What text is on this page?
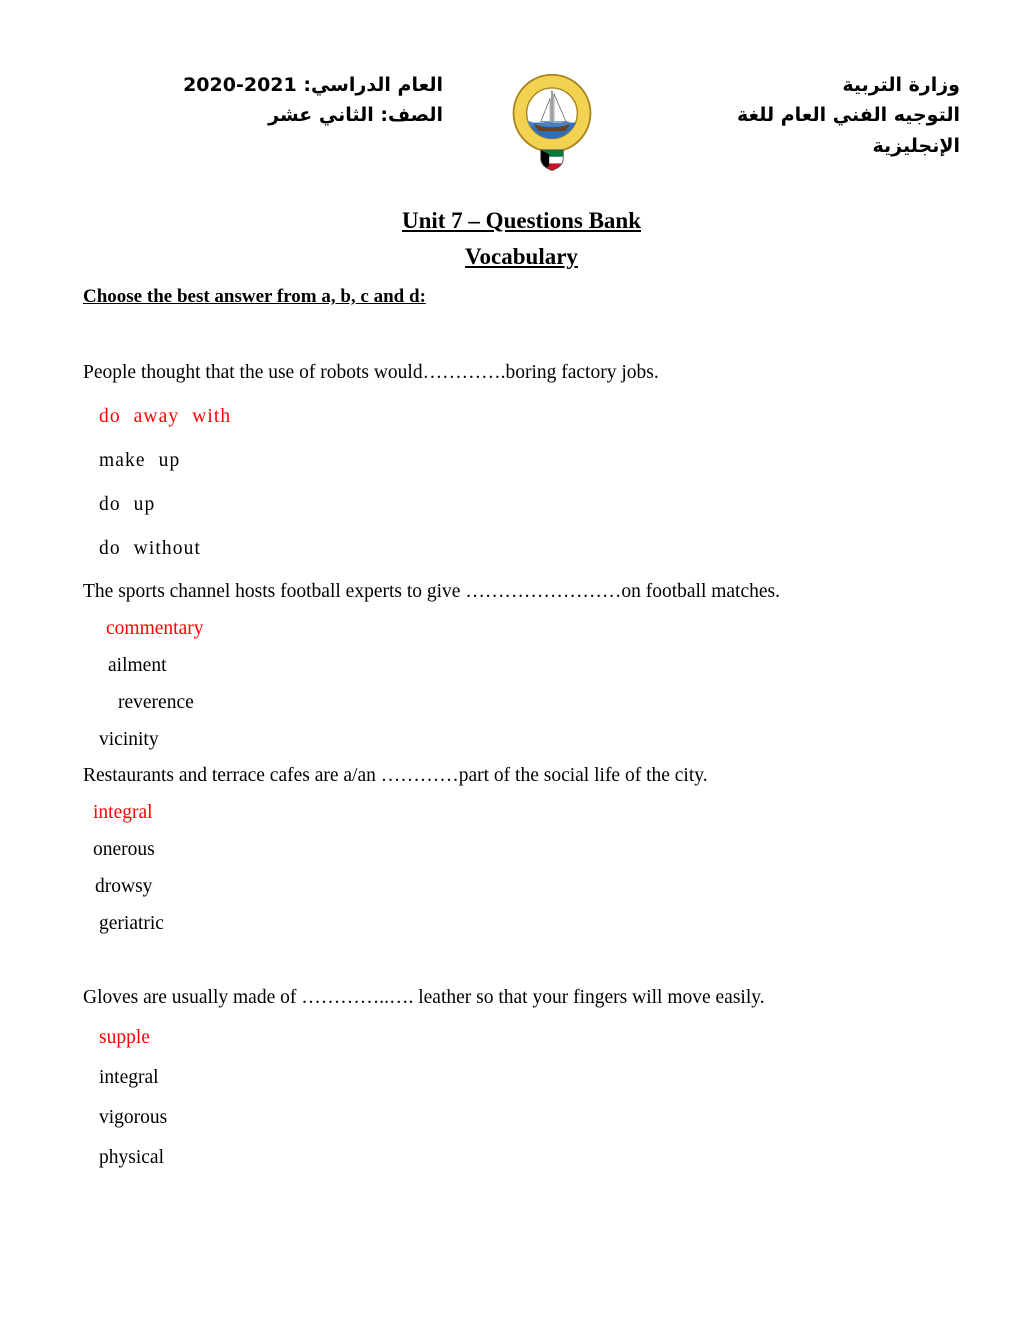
العام الدراسي: 2021-2020
الصف: الثاني عشر
وزارة التربية
التوجيه الفني العام للغة الإنجليزية
Unit 7 – Questions Bank
Vocabulary
Choose the best answer from a, b, c and d:
People thought that the use of robots would………….boring factory jobs.
do away with
make up
do up
do without
The sports channel hosts football experts to give ……………………on football matches.
commentary
ailment
reverence
vicinity
Restaurants and terrace cafes are a/an …………part of the social life of the city.
integral
onerous
drowsy
geriatric
Gloves are usually made of …………..…. leather so that your fingers will move easily.
supple
integral
vigorous
physical
